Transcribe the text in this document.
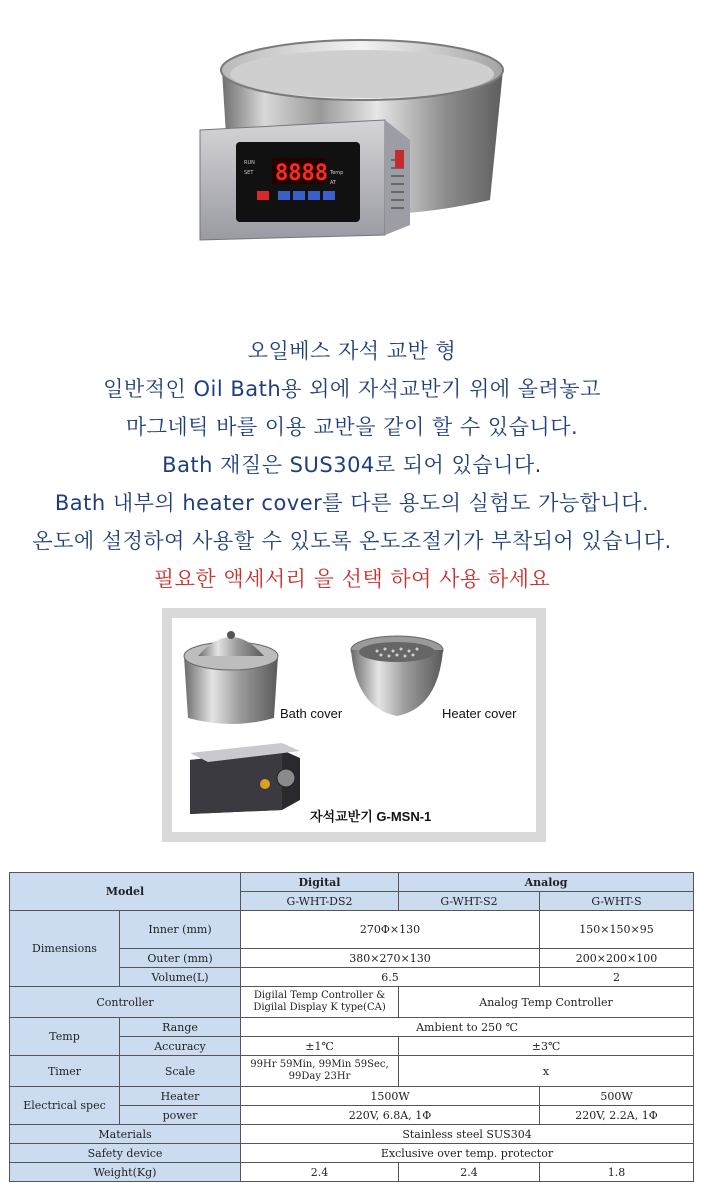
8888
RUN
SET	Temp
AT

오일베스 자석 교반 형

일반적인 Oil Bath용 외에 자석교반기 위에 올려놓고

마그네틱 바를 이용 교반을 같이 할 수 있습니다.

Bath 재질은 SUS304로 되어 있습니다.

Bath 내부의 heater cover를 다른 용도의 실험도 가능합니다.

온도에 설정하여 사용할 수 있도록 온도조절기가 부착되어 있습니다.

필요한 액세서리 을 선택 하여 사용 하세요

Bath cover	Heater cover
자석교반기 G-MSN-1
Model		Digital	Analog	
		G-WHT-DS2	G-WHT-S2	G-WHT-S
Dimensions	Inner (mm)	270Φ×130		150×150×95
	Outer (mm)	380×270×130		200×200×100
	Volume(L)	6.5		2
Controller		Digilal Temp Controller & Digilal Display K type(CA)	Analog Temp Controller	
Temp	Range	Ambient to 250 ℃		
	Accuracy	±1℃	±3℃	
Timer	Scale	99Hr 59Min, 99Min 59Sec, 99Day 23Hr	x	
Electrical spec	Heater	1500W		500W
	power	220V, 6.8A, 1Φ		220V, 2.2A, 1Φ
Materials		Stainless steel SUS304		
Safety device		Exclusive over temp. protector		
Weight(Kg)		2.4	2.4	1.8
